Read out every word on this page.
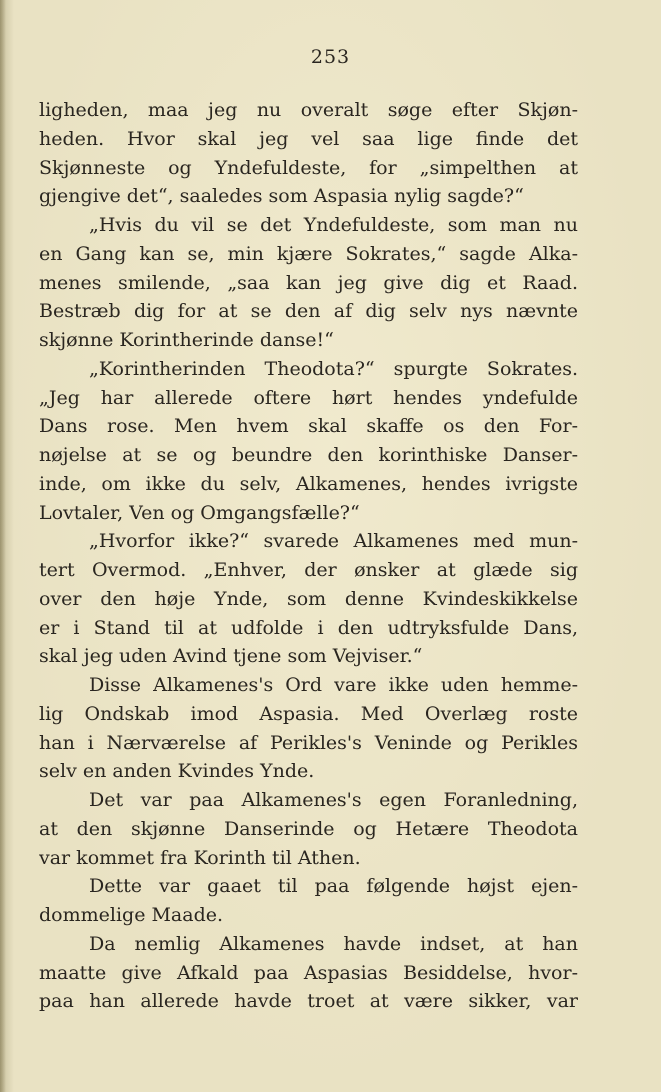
253
ligheden, maa jeg nu overalt søge efter Skjøn-
heden. Hvor skal jeg vel saa lige finde det
Skjønneste og Yndefuldeste, for „simpelthen at
gjengive det“, saaledes som Aspasia nylig sagde?“
„Hvis du vil se det Yndefuldeste, som man nu
en Gang kan se, min kjære Sokrates,“ sagde Alka-
menes smilende, „saa kan jeg give dig et Raad.
Bestræb dig for at se den af dig selv nys nævnte
skjønne Korintherinde danse!“
„Korintherinden Theodota?“ spurgte Sokrates.
„Jeg har allerede oftere hørt hendes yndefulde
Dans rose. Men hvem skal skaffe os den For-
nøjelse at se og beundre den korinthiske Danser-
inde, om ikke du selv, Alkamenes, hendes ivrigste
Lovtaler, Ven og Omgangsfælle?“
„Hvorfor ikke?“ svarede Alkamenes med mun-
tert Overmod. „Enhver, der ønsker at glæde sig
over den høje Ynde, som denne Kvindeskikkelse
er i Stand til at udfolde i den udtryksfulde Dans,
skal jeg uden Avind tjene som Vejviser.“
Disse Alkamenes's Ord vare ikke uden hemme-
lig Ondskab imod Aspasia. Med Overlæg roste
han i Nærværelse af Perikles's Veninde og Perikles
selv en anden Kvindes Ynde.
Det var paa Alkamenes's egen Foranledning,
at den skjønne Danserinde og Hetære Theodota
var kommet fra Korinth til Athen.
Dette var gaaet til paa følgende højst ejen-
dommelige Maade.
Da nemlig Alkamenes havde indset, at han
maatte give Afkald paa Aspasias Besiddelse, hvor-
paa han allerede havde troet at være sikker, var
